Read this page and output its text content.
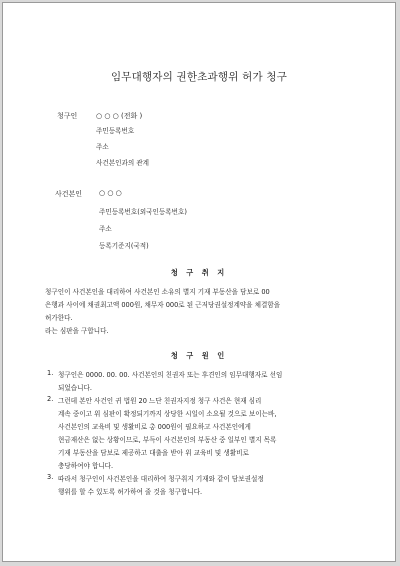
임무대행자의 권한초과행위 허가 청구
청구인	○ ○ ○ (전화 )
주민등록번호
주소
사건본인과의 관계
사건본인 ○ ○ ○
주민등록번호(외국인등록번호)
주소
등록기준지(국적)
청 구 취 지
청구인이 사건본인을 대리하여 사건본인 소유의 별지 기재 부동산을 담보로 00
은행과 사이에 채권최고액 000원, 채무자 000로 된 근저당권설정계약을 체결함을
허가한다.
라는 심판을 구합니다.
청 구 원 인
1. 청구인은 0000. 00. 00. 사건본인의 친권자 또는 후견인의 임무대행자로 선임
되었습니다.
2. 그런데 본안 사건인 귀 법원 20 느단 친권자지정 청구 사건은 현재 심리
계속 중이고 위 심판이 확정되기까지 상당한 시일이 소요될 것으로 보이는바,
사건본인의 교육비 및 생활비로 총 000원이 필요하고 사건본인에게
현금재산은 없는 상황이므로, 부득이 사건본인의 부동산 중 일부인 별지 목록
기재 부동산을 담보로 제공하고 대출을 받아 위 교육비 및 생활비로
충당하여야 합니다.
3. 따라서 청구인이 사건본인을 대리하여 청구취지 기재와 같이 담보권설정
행위를 할 수 있도록 허가하여 줄 것을 청구합니다.
